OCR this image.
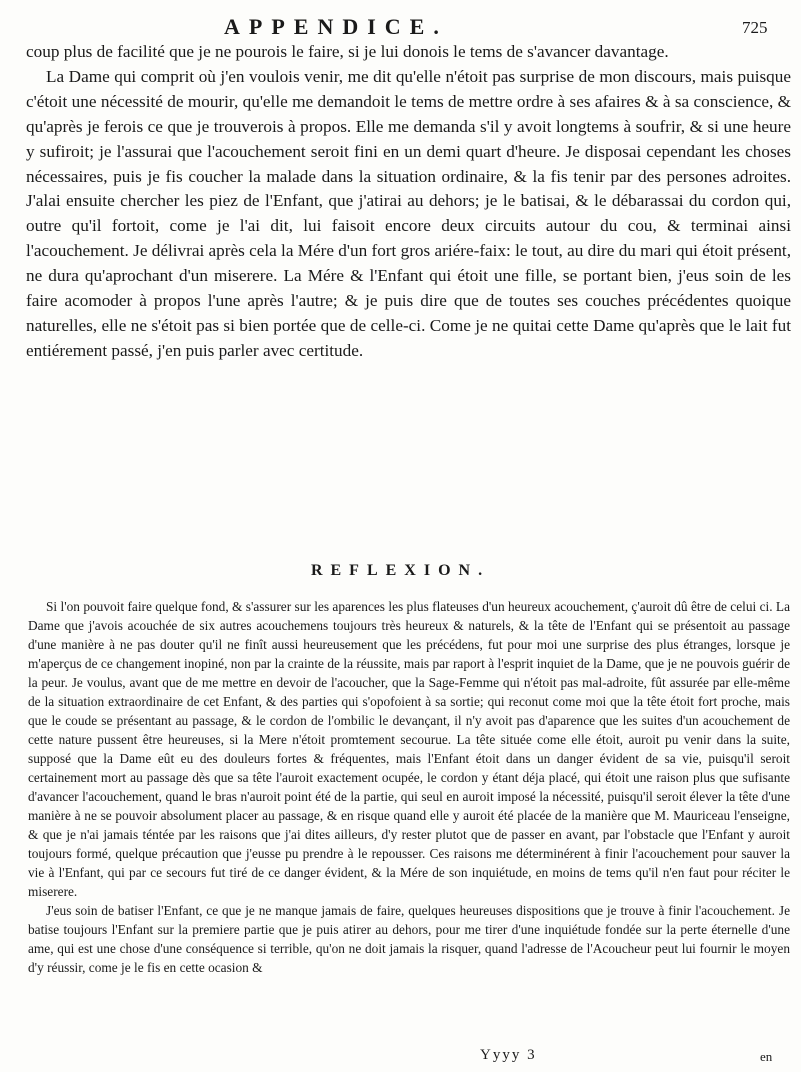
APPENDICE.	725

coup plus de facilité que je ne pourois le faire, si je lui donois le tems de s'avancer davantage.

La Dame qui comprit où j'en voulois venir, me dit qu'elle n'étoit pas surprise de mon discours, mais puisque c'étoit une nécessité de mourir, qu'elle me demandoit le tems de mettre ordre à ses afaires & à sa conscience, & qu'après je ferois ce que je trouverois à propos. Elle me demanda s'il y avoit longtems à soufrir, & si une heure y sufiroit; je l'assurai que l'acouchement seroit fini en un demi quart d'heure. Je disposai cependant les choses nécessaires, puis je fis coucher la malade dans la situation ordinaire, & la fis tenir par des persones adroites. J'alai ensuite chercher les piez de l'Enfant, que j'atirai au dehors; je le batisai, & le débarassai du cordon qui, outre qu'il fortoit, come je l'ai dit, lui faisoit encore deux circuits autour du cou, & terminai ainsi l'acouchement. Je délivrai après cela la Mére d'un fort gros ariére-faix: le tout, au dire du mari qui étoit présent, ne dura qu'aprochant d'un miserere. La Mére & l'Enfant qui étoit une fille, se portant bien, j'eus soin de les faire acomoder à propos l'une après l'autre; & je puis dire que de toutes ses couches précédentes quoique naturelles, elle ne s'étoit pas si bien portée que de celle-ci. Come je ne quitai cette Dame qu'après que le lait fut entiérement passé, j'en puis parler avec certitude.

REFLEXION.

Si l'on pouvoit faire quelque fond, & s'assurer sur les aparences les plus flateuses d'un heureux acouchement, ç'auroit dû être de celui ci. La Dame que j'avois acouchée de six autres acouchemens toujours très heureux & naturels, & la tête de l'Enfant qui se présentoit au passage d'une manière à ne pas douter qu'il ne finît aussi heureusement que les précédens, fut pour moi une surprise des plus étranges, lorsque je m'aperçus de ce changement inopiné, non par la crainte de la réussite, mais par raport à l'esprit inquiet de la Dame, que je ne pouvois guérir de la peur. Je voulus, avant que de me mettre en devoir de l'acoucher, que la Sage-Femme qui n'étoit pas mal-adroite, fût assurée par elle-même de la situation extraordinaire de cet Enfant, & des parties qui s'opofoient à sa sortie; qui reconut come moi que la tête étoit fort proche, mais que le coude se présentant au passage, & le cordon de l'ombilic le devançant, il n'y avoit pas d'aparence que les suites d'un acouchement de cette nature pussent être heureuses, si la Mere n'étoit promtement secourue. La tête située come elle étoit, auroit pu venir dans la suite, supposé que la Dame eût eu des douleurs fortes & fréquentes, mais l'Enfant étoit dans un danger évident de sa vie, puisqu'il seroit certainement mort au passage dès que sa tête l'auroit exactement ocupée, le cordon y étant déja placé, qui étoit une raison plus que sufisante d'avancer l'acouchement, quand le bras n'auroit point été de la partie, qui seul en auroit imposé la nécessité, puisqu'il seroit élever la tête d'une manière à ne se pouvoir absolument placer au passage, & en risque quand elle y auroit été placée de la manière que M. Mauriceau l'enseigne, & que je n'ai jamais téntée par les raisons que j'ai dites ailleurs, d'y rester plutot que de passer en avant, par l'obstacle que l'Enfant y auroit toujours formé, quelque précaution que j'eusse pu prendre à le repousser. Ces raisons me déterminérent à finir l'acouchement pour sauver la vie à l'Enfant, qui par ce secours fut tiré de ce danger évident, & la Mére de son inquiétude, en moins de tems qu'il n'en faut pour réciter le miserere.

J'eus soin de batiser l'Enfant, ce que je ne manque jamais de faire, quelques heureuses dispositions que je trouve à finir l'acouchement. Je batise toujours l'Enfant sur la premiere partie que je puis atirer au dehors, pour me tirer d'une inquiétude fondée sur la perte éternelle d'une ame, qui est une chose d'une conséquence si terrible, qu'on ne doit jamais la risquer, quand l'adresse de l'Acoucheur peut lui fournir le moyen d'y réussir, come je le fis en cette ocasion &

Yyyy 3	en
